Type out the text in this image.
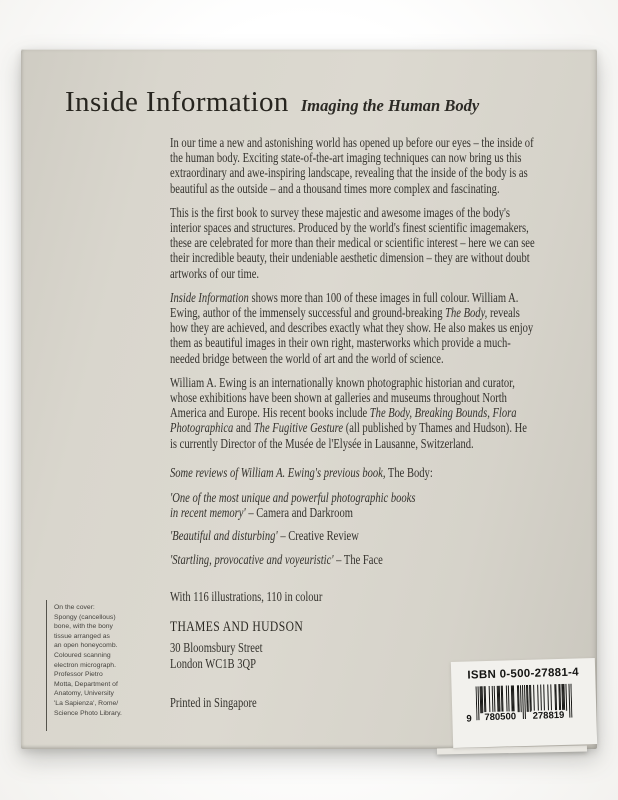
Inside Information Imaging the Human Body

In our time a new and astonishing world has opened up before our eyes – the inside of the human body. Exciting state-of-the-art imaging techniques can now bring us this extraordinary and awe-inspiring landscape, revealing that the inside of the body is as beautiful as the outside – and a thousand times more complex and fascinating.

This is the first book to survey these majestic and awesome images of the body's interior spaces and structures. Produced by the world's finest scientific imagemakers, these are celebrated for more than their medical or scientific interest – here we can see their incredible beauty, their undeniable aesthetic dimension – they are without doubt artworks of our time.

Inside Information shows more than 100 of these images in full colour. William A. Ewing, author of the immensely successful and ground-breaking The Body, reveals how they are achieved, and describes exactly what they show. He also makes us enjoy them as beautiful images in their own right, masterworks which provide a much-needed bridge between the world of art and the world of science.

William A. Ewing is an internationally known photographic historian and curator, whose exhibitions have been shown at galleries and museums throughout North America and Europe. His recent books include The Body, Breaking Bounds, Flora Photographica and The Fugitive Gesture (all published by Thames and Hudson). He is currently Director of the Musée de l'Elysée in Lausanne, Switzerland.

Some reviews of William A. Ewing's previous book, The Body:

'One of the most unique and powerful photographic books
in recent memory' – Camera and Darkroom
'Beautiful and disturbing' – Creative Review
'Startling, provocative and voyeuristic' – The Face

With 116 illustrations, 110 in colour

THAMES AND HUDSON

30 Bloomsbury Street
London WC1B 3QP

Printed in Singapore

On the cover:
Spongy (cancellous)
bone, with the bony
tissue arranged as
an open honeycomb.
Coloured scanning
electron micrograph.
Professor Pietro
Motta, Department of
Anatomy, University
'La Sapienza', Rome/
Science Photo Library.
ISBN 0-500-27881-4
9 780500 278819
